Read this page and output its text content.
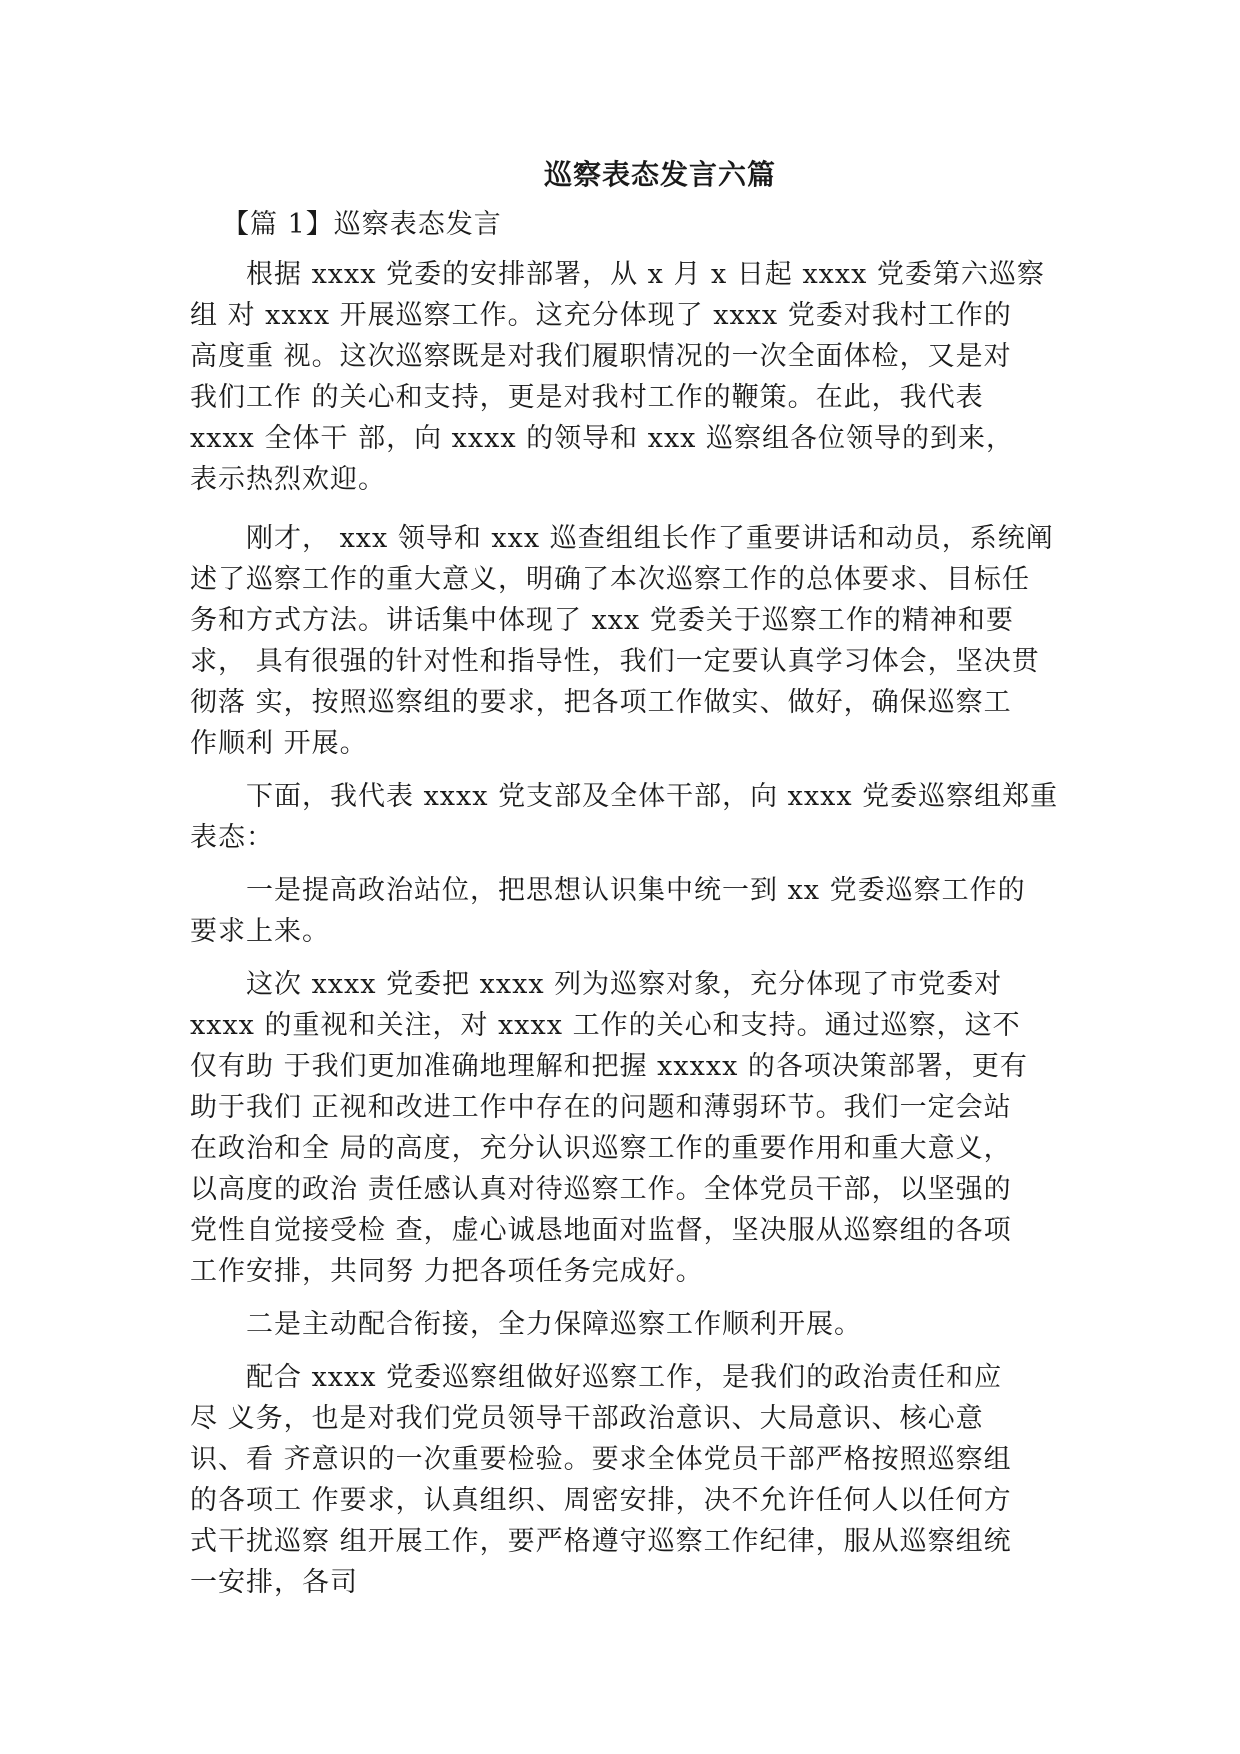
巡察表态发言六篇
【篇 1】巡察表态发言

根据 xxxx 党委的安排部署，从 x 月 x 日起 xxxx 党委第六巡察
组 对 xxxx 开展巡察工作。这充分体现了 xxxx 党委对我村工作的
高度重 视。这次巡察既是对我们履职情况的一次全面体检，又是对
我们工作 的关心和支持，更是对我村工作的鞭策。在此，我代表
xxxx 全体干 部，向 xxxx 的领导和 xxx 巡察组各位领导的到来，
表示热烈欢迎。

刚才， xxx 领导和 xxx 巡查组组长作了重要讲话和动员，系统阐
述了巡察工作的重大意义，明确了本次巡察工作的总体要求、目标任
务和方式方法。讲话集中体现了 xxx 党委关于巡察工作的精神和要
求， 具有很强的针对性和指导性，我们一定要认真学习体会，坚决贯
彻落 实，按照巡察组的要求，把各项工作做实、做好，确保巡察工
作顺利 开展。

下面，我代表 xxxx 党支部及全体干部，向 xxxx 党委巡察组郑重
表态：

一是提高政治站位，把思想认识集中统一到 xx 党委巡察工作的
要求上来。

这次 xxxx 党委把 xxxx 列为巡察对象，充分体现了市党委对
xxxx 的重视和关注，对 xxxx 工作的关心和支持。通过巡察，这不
仅有助 于我们更加准确地理解和把握 xxxxx 的各项决策部署，更有
助于我们 正视和改进工作中存在的问题和薄弱环节。我们一定会站
在政治和全 局的高度，充分认识巡察工作的重要作用和重大意义，
以高度的政治 责任感认真对待巡察工作。全体党员干部，以坚强的
党性自觉接受检 查，虚心诚恳地面对监督，坚决服从巡察组的各项
工作安排，共同努 力把各项任务完成好。

二是主动配合衔接，全力保障巡察工作顺利开展。

配合 xxxx 党委巡察组做好巡察工作，是我们的政治责任和应
尽 义务，也是对我们党员领导干部政治意识、大局意识、核心意
识、看 齐意识的一次重要检验。要求全体党员干部严格按照巡察组
的各项工 作要求，认真组织、周密安排，决不允许任何人以任何方
式干扰巡察 组开展工作，要严格遵守巡察工作纪律，服从巡察组统
一安排，各司
